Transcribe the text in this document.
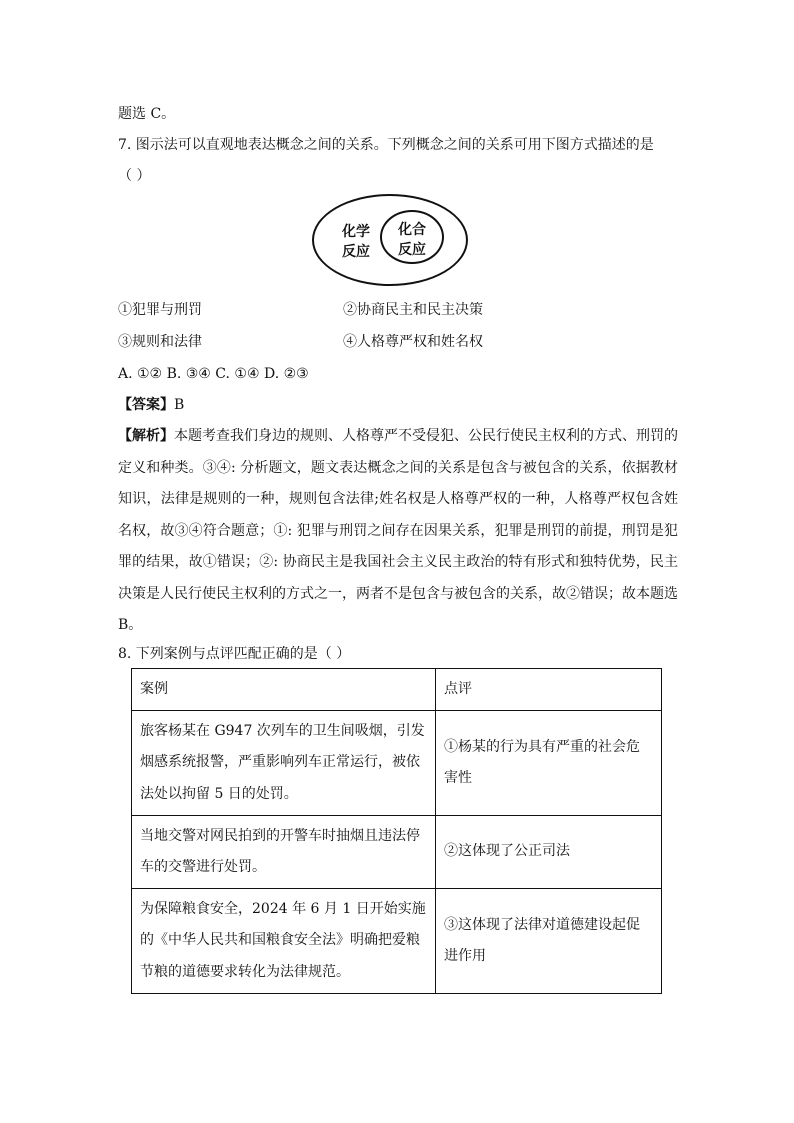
题选 C。
7. 图示法可以直观地表达概念之间的关系。下列概念之间的关系可用下图方式描述的是
（ ）
化学
反应
化合
反应
①犯罪与刑罚	②协商民主和民主决策
③规则和法律	④人格尊严权和姓名权
A. ①② B. ③④ C. ①④ D. ②③
【答案】B
【解析】本题考查我们身边的规则、人格尊严不受侵犯、公民行使民主权利的方式、刑罚的定义和种类。③④: 分析题文，题文表达概念之间的关系是包含与被包含的关系，依据教材知识，法律是规则的一种，规则包含法律;姓名权是人格尊严权的一种，人格尊严权包含姓名权，故③④符合题意；①: 犯罪与刑罚之间存在因果关系，犯罪是刑罚的前提，刑罚是犯罪的结果，故①错误；②: 协商民主是我国社会主义民主政治的特有形式和独特优势，民主决策是人民行使民主权利的方式之一，两者不是包含与被包含的关系，故②错误；故本题选B。
8. 下列案例与点评匹配正确的是（ ）
案例	点评
旅客杨某在 G947 次列车的卫生间吸烟，引发烟感系统报警，严重影响列车正常运行，被依法处以拘留 5 日的处罚。	①杨某的行为具有严重的社会危害性
当地交警对网民拍到的开警车时抽烟且违法停车的交警进行处罚。	②这体现了公正司法
为保障粮食安全，2024 年 6 月 1 日开始实施的《中华人民共和国粮食安全法》明确把爱粮节粮的道德要求转化为法律规范。	③这体现了法律对道德建设起促进作用
